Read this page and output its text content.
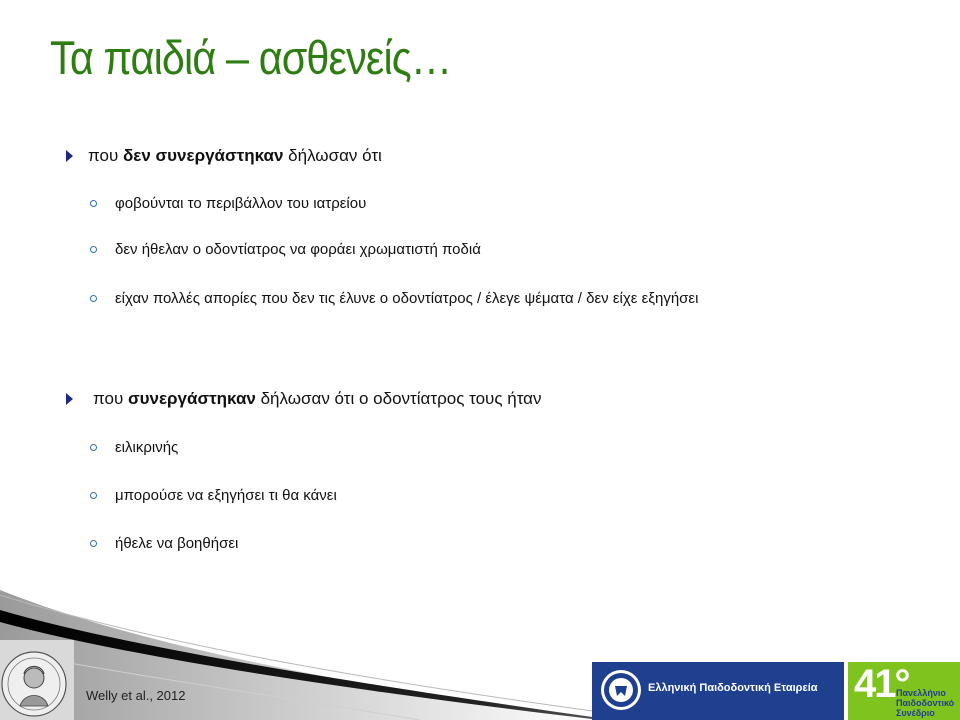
Τα παιδιά – ασθενείς…
που δεν συνεργάστηκαν δήλωσαν ότι
φοβούνται το περιβάλλον του ιατρείου
δεν ήθελαν ο οδοντίατρος να φοράει χρωματιστή ποδιά
είχαν πολλές απορίες που δεν τις έλυνε ο οδοντίατρος / έλεγε ψέματα / δεν είχε εξηγήσει
που συνεργάστηκαν δήλωσαν ότι ο οδοντίατρος τους ήταν
ειλικρινής
μπορούσε να εξηγήσει τι θα κάνει
ήθελε να βοηθήσει
Welly et al., 2012	Ελληνική Παιδοδοντική Εταιρεία 41°
Πανελλήνιο
Παιδοδοντικό
Συνέδριο
